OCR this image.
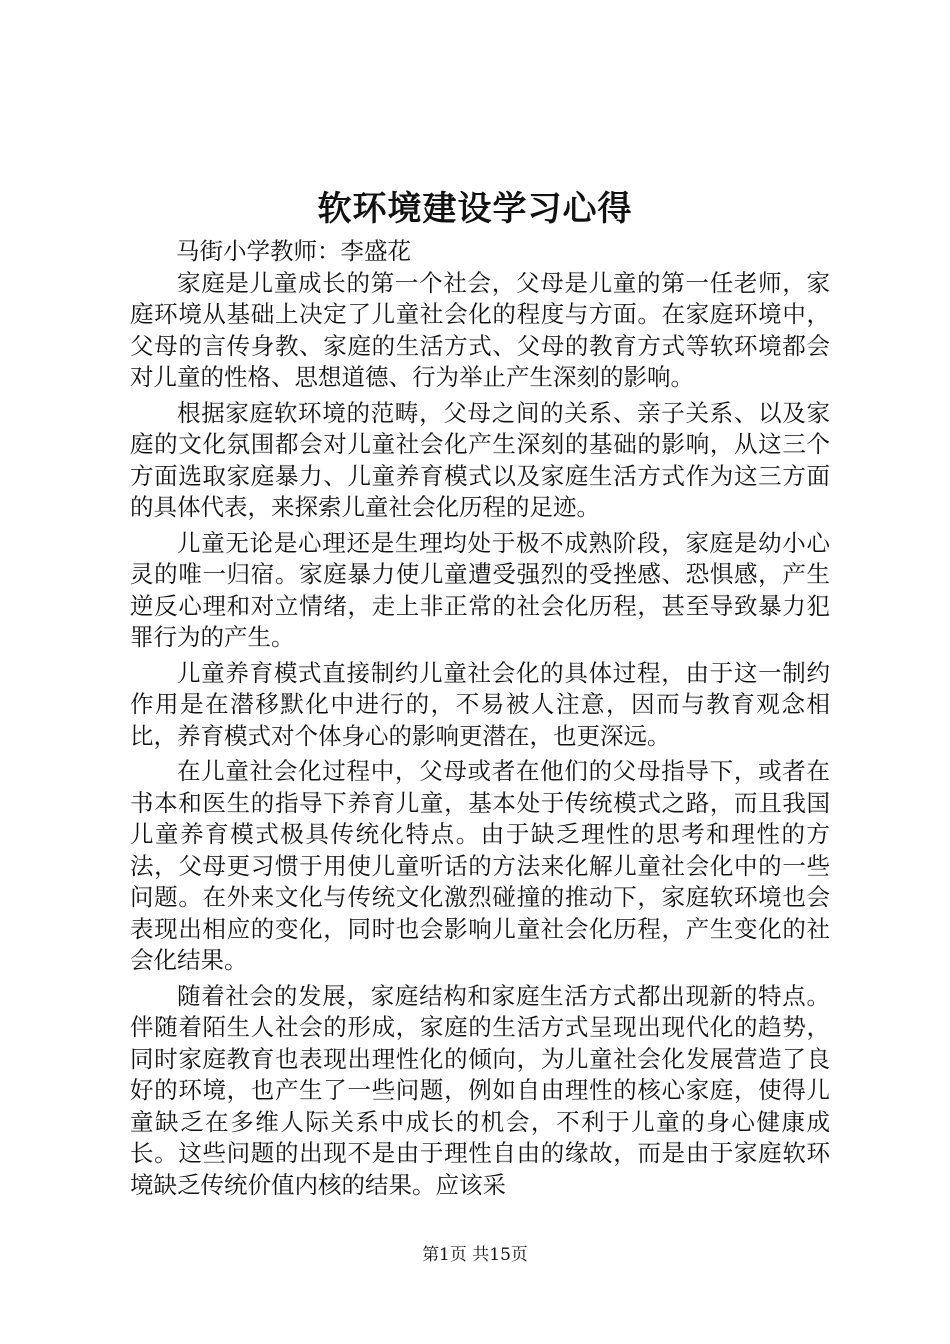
软环境建设学习心得

马街小学教师：李盛花

家庭是儿童成长的第一个社会，父母是儿童的第一任老师，家庭环境从基础上决定了儿童社会化的程度与方面。在家庭环境中，父母的言传身教、家庭的生活方式、父母的教育方式等软环境都会对儿童的性格、思想道德、行为举止产生深刻的影响。

根据家庭软环境的范畴，父母之间的关系、亲子关系、以及家庭的文化氛围都会对儿童社会化产生深刻的基础的影响，从这三个方面选取家庭暴力、儿童养育模式以及家庭生活方式作为这三方面的具体代表，来探索儿童社会化历程的足迹。

儿童无论是心理还是生理均处于极不成熟阶段，家庭是幼小心灵的唯一归宿。家庭暴力使儿童遭受强烈的受挫感、恐惧感，产生逆反心理和对立情绪，走上非正常的社会化历程，甚至导致暴力犯罪行为的产生。

儿童养育模式直接制约儿童社会化的具体过程，由于这一制约作用是在潜移默化中进行的，不易被人注意，因而与教育观念相比，养育模式对个体身心的影响更潜在，也更深远。

在儿童社会化过程中，父母或者在他们的父母指导下，或者在书本和医生的指导下养育儿童，基本处于传统模式之路，而且我国儿童养育模式极具传统化特点。由于缺乏理性的思考和理性的方法，父母更习惯于用使儿童听话的方法来化解儿童社会化中的一些问题。在外来文化与传统文化激烈碰撞的推动下，家庭软环境也会表现出相应的变化，同时也会影响儿童社会化历程，产生变化的社会化结果。

随着社会的发展，家庭结构和家庭生活方式都出现新的特点。伴随着陌生人社会的形成，家庭的生活方式呈现出现代化的趋势，同时家庭教育也表现出理性化的倾向，为儿童社会化发展营造了良好的环境，也产生了一些问题，例如自由理性的核心家庭，使得儿童缺乏在多维人际关系中成长的机会，不利于儿童的身心健康成长。这些问题的出现不是由于理性自由的缘故，而是由于家庭软环境缺乏传统价值内核的结果。应该采

第1页 共15页
